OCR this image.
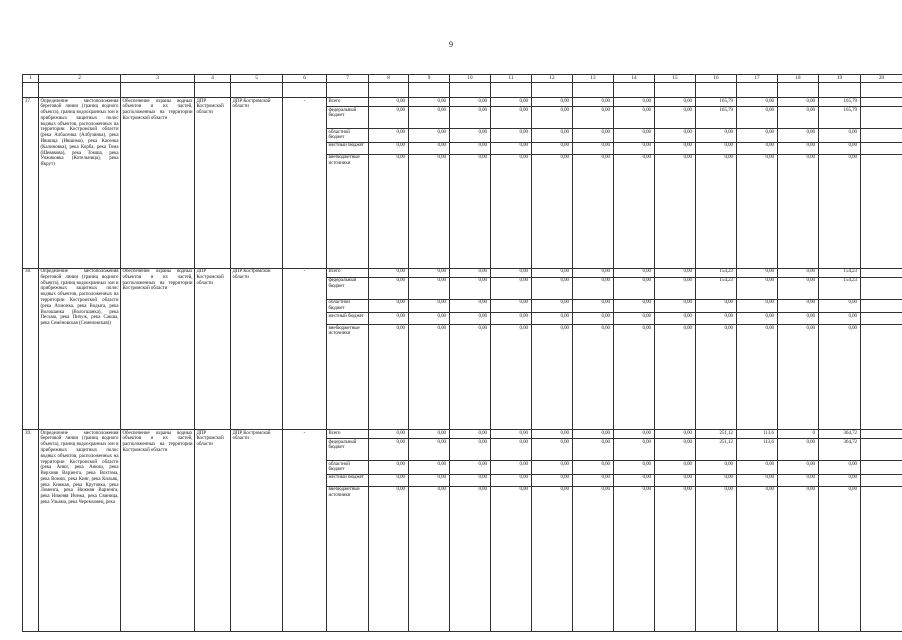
9
1	2	3	4	5	6	7	8	9	10	11	12	13	14	15	16	17	18	19	20

37.	Определение местоположения береговой линии (границ водного объекта), границ водоохранных зон и прибрежных защитных полос водных объектов, расположенных на территории Костромской области (река Албасенка (Албузинка), река Ившица (Ившима), река Касенка (Калиновка), река Корба, река Тома (Шевякова), река Томша, река Унжиковка (Котельница), река Якрут)	Обеспечение охраны водных объектов и их частей, расположенных на территории Костромской области	ДПР Костромской области	ДПР Костромской области	-	Всего	0,00	0,00	0,00	0,00	0,00	0,00	0,00	0,00	165,79	0,00	0,00	165,79	
						федеральный бюджет	0,00	0,00	0,00	0,00	0,00	0,00	0,00	0,00	165,79	0,00	0,00	165,79	
						областной бюджет	0,00	0,00	0,00	0,00	0,00	0,00	0,00	0,00	0,00	0,00	0,00	0,00	
						местный бюджет	0,00	0,00	0,00	0,00	0,00	0,00	0,00	0,00	0,00	0,00	0,00	0,00	
						внебюджетные источники	0,00	0,00	0,00	0,00	0,00	0,00	0,00	0,00	0,00	0,00	0,00	0,00	
38.	Определение местоположения береговой линии (границ водного объекта), границ водоохранных зон и прибрежных защитных полос водных объектов, расположенных на территории Костромской области (река Ахмонка, река Водыга, река Волошанка (Вологшанка), река Песьма, река Пичуж, река Сакша, река Семёновская (Семеновская))	Обеспечение охраны водных объектов и их частей, расположенных на территории Костромской области	ДПР Костромской области	ДПР Костромской области	-	Всего	0,00	0,00	0,00	0,00	0,00	0,00	0,00	0,00	154,23	0,00	0,00	154,23	
						федеральный бюджет	0,00	0,00	0,00	0,00	0,00	0,00	0,00	0,00	154,23	0,00	0,00	154,23	
						областной бюджет	0,00	0,00	0,00	0,00	0,00	0,00	0,00	0,00	0,00	0,00	0,00	0,00	
						местный бюджет	0,00	0,00	0,00	0,00	0,00	0,00	0,00	0,00	0,00	0,00	0,00	0,00	
						внебюджетные источники	0,00	0,00	0,00	0,00	0,00	0,00	0,00	0,00	0,00	0,00	0,00	0,00	
39.	Определение местоположения береговой линии (границ водного объекта), границ водоохранных зон и прибрежных защитных полос водных объектов, расположенных на территории Костромской области (река Анюг, река Анюш, река Верхняя Варзенга, река Вохтома, река Вонюх, река Кинг, река Кильяк, река Княжая, река Крутовка, река Ломенга, река Нижняя Варзенга, река Нижняя Ичежа, река Свиница, река Ульяма, река Черемховец, река	Обеспечение охраны водных объектов и их частей, расположенных на территории Костромской области	ДПР Костромской области	ДПР Костромской области	-	Всего	0,00	0,00	0,00	0,00	0,00	0,00	0,00	0,00	251,12	113,6	0	364,72	
						федеральный бюджет	0,00	0,00	0,00	0,00	0,00	0,00	0,00	0,00	251,12	113,6	0,00	364,72	
						областной бюджет	0,00	0,00	0,00	0,00	0,00	0,00	0,00	0,00	0,00	0,00	0,00	0,00	
						местный бюджет	0,00	0,00	0,00	0,00	0,00	0,00	0,00	0,00	0,00	0,00	0,00	0,00	
						внебюджетные источники	0,00	0,00	0,00	0,00	0,00	0,00	0,00	0,00	0,00	0,00	0,00	0,00	
